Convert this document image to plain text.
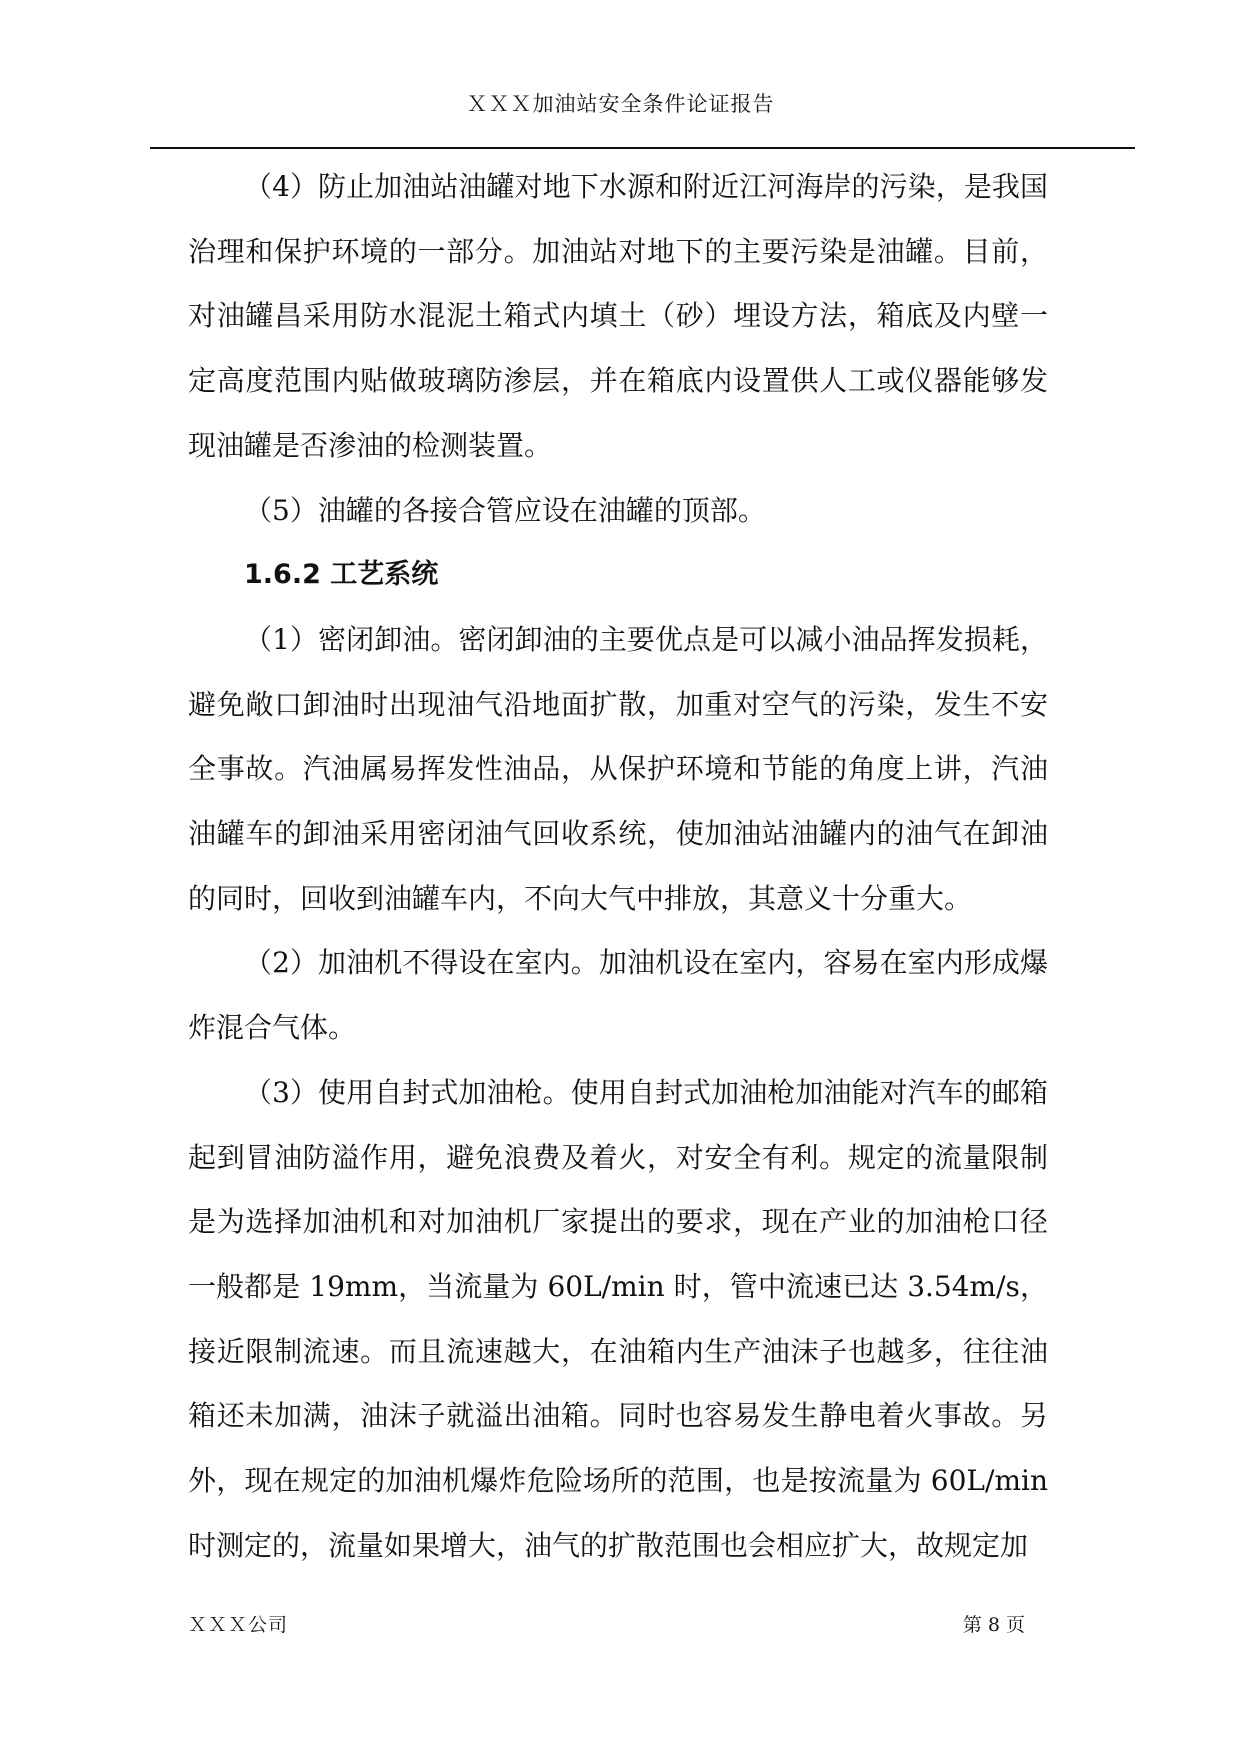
ＸＸＸ加油站安全条件论证报告

（4）防止加油站油罐对地下水源和附近江河海岸的污染，是我国治理和保护环境的一部分。加油站对地下的主要污染是油罐。目前，对油罐昌采用防水混泥土箱式内填土（砂）埋设方法，箱底及内壁一定高度范围内贴做玻璃防渗层，并在箱底内设置供人工或仪器能够发现油罐是否渗油的检测装置。

（5）油罐的各接合管应设在油罐的顶部。

1.6.2 工艺系统

（1）密闭卸油。密闭卸油的主要优点是可以减小油品挥发损耗，避免敞口卸油时出现油气沿地面扩散，加重对空气的污染，发生不安全事故。汽油属易挥发性油品，从保护环境和节能的角度上讲，汽油油罐车的卸油采用密闭油气回收系统，使加油站油罐内的油气在卸油的同时，回收到油罐车内，不向大气中排放，其意义十分重大。

（2）加油机不得设在室内。加油机设在室内，容易在室内形成爆炸混合气体。

（3）使用自封式加油枪。使用自封式加油枪加油能对汽车的邮箱起到冒油防溢作用，避免浪费及着火，对安全有利。规定的流量限制是为选择加油机和对加油机厂家提出的要求，现在产业的加油枪口径一般都是 19mm，当流量为 60L/min 时，管中流速已达 3.54m/s，接近限制流速。而且流速越大，在油箱内生产油沫子也越多，往往油箱还未加满，油沫子就溢出油箱。同时也容易发生静电着火事故。另外，现在规定的加油机爆炸危险场所的范围，也是按流量为 60L/min 时测定的，流量如果增大，油气的扩散范围也会相应扩大，故规定加

ＸＸＸ公司	第 8 页
